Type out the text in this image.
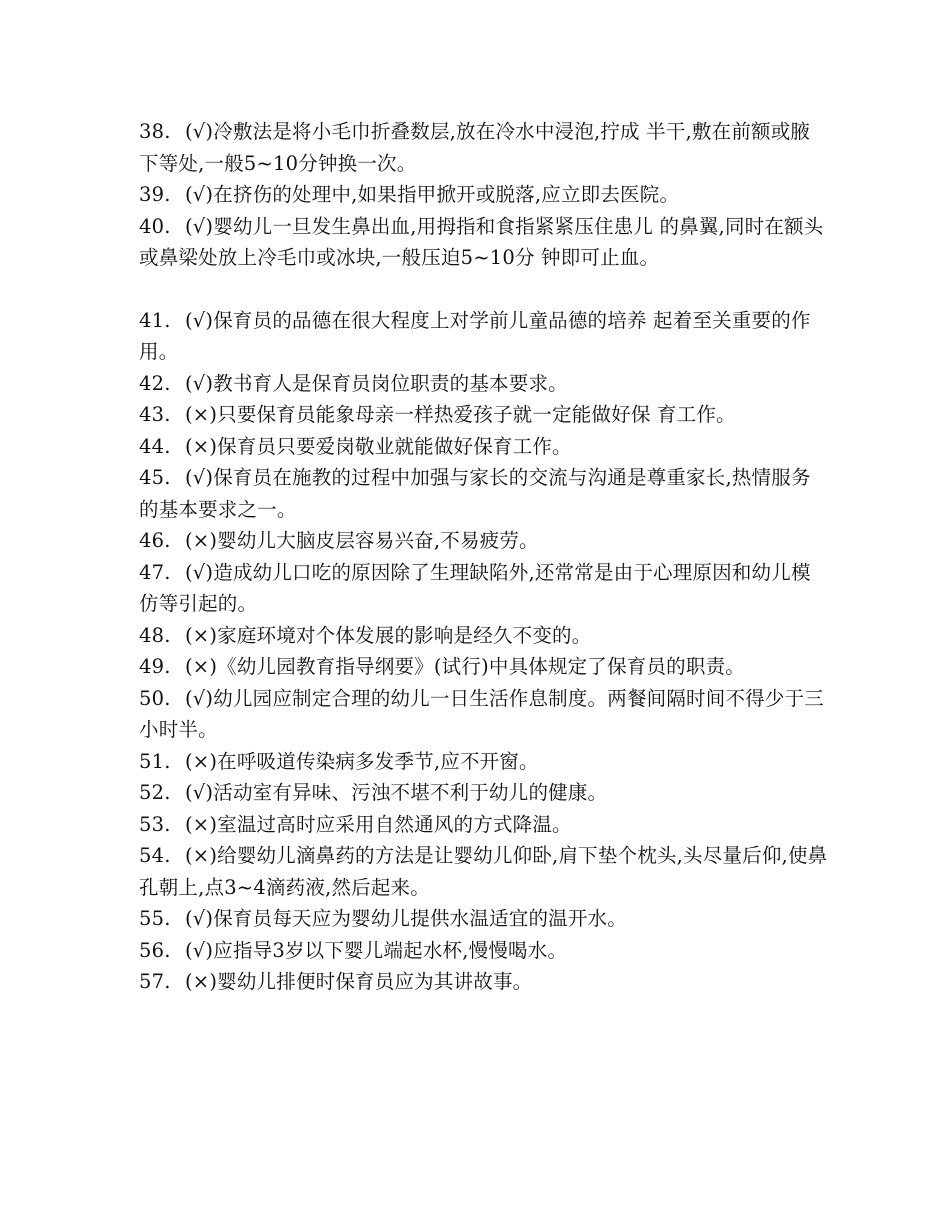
38. (√)冷敷法是将小毛巾折叠数层,放在冷水中浸泡,拧成 半干,敷在前额或腋下等处,一般5~10分钟换一次。

39. (√)在挤伤的处理中,如果指甲掀开或脱落,应立即去医院。

40. (√)婴幼儿一旦发生鼻出血,用拇指和食指紧紧压住患儿 的鼻翼,同时在额头或鼻梁处放上冷毛巾或冰块,一般压迫5~10分 钟即可止血。

41. (√)保育员的品德在很大程度上对学前儿童品德的培养 起着至关重要的作用。

42. (√)教书育人是保育员岗位职责的基本要求。

43. (×)只要保育员能象母亲一样热爱孩子就一定能做好保 育工作。

44. (×)保育员只要爱岗敬业就能做好保育工作。

45. (√)保育员在施教的过程中加强与家长的交流与沟通是尊重家长,热情服务的基本要求之一。

46. (×)婴幼儿大脑皮层容易兴奋,不易疲劳。

47. (√)造成幼儿口吃的原因除了生理缺陷外,还常常是由于心理原因和幼儿模仿等引起的。

48. (×)家庭环境对个体发展的影响是经久不变的。

49. (×)《幼儿园教育指导纲要》(试行)中具体规定了保育员的职责。

50. (√)幼儿园应制定合理的幼儿一日生活作息制度。两餐间隔时间不得少于三小时半。

51. (×)在呼吸道传染病多发季节,应不开窗。

52. (√)活动室有异味、污浊不堪不利于幼儿的健康。

53. (×)室温过高时应采用自然通风的方式降温。

54. (×)给婴幼儿滴鼻药的方法是让婴幼儿仰卧,肩下垫个枕头,头尽量后仰,使鼻孔朝上,点3~4滴药液,然后起来。

55. (√)保育员每天应为婴幼儿提供水温适宜的温开水。

56. (√)应指导3岁以下婴儿端起水杯,慢慢喝水。

57. (×)婴幼儿排便时保育员应为其讲故事。
